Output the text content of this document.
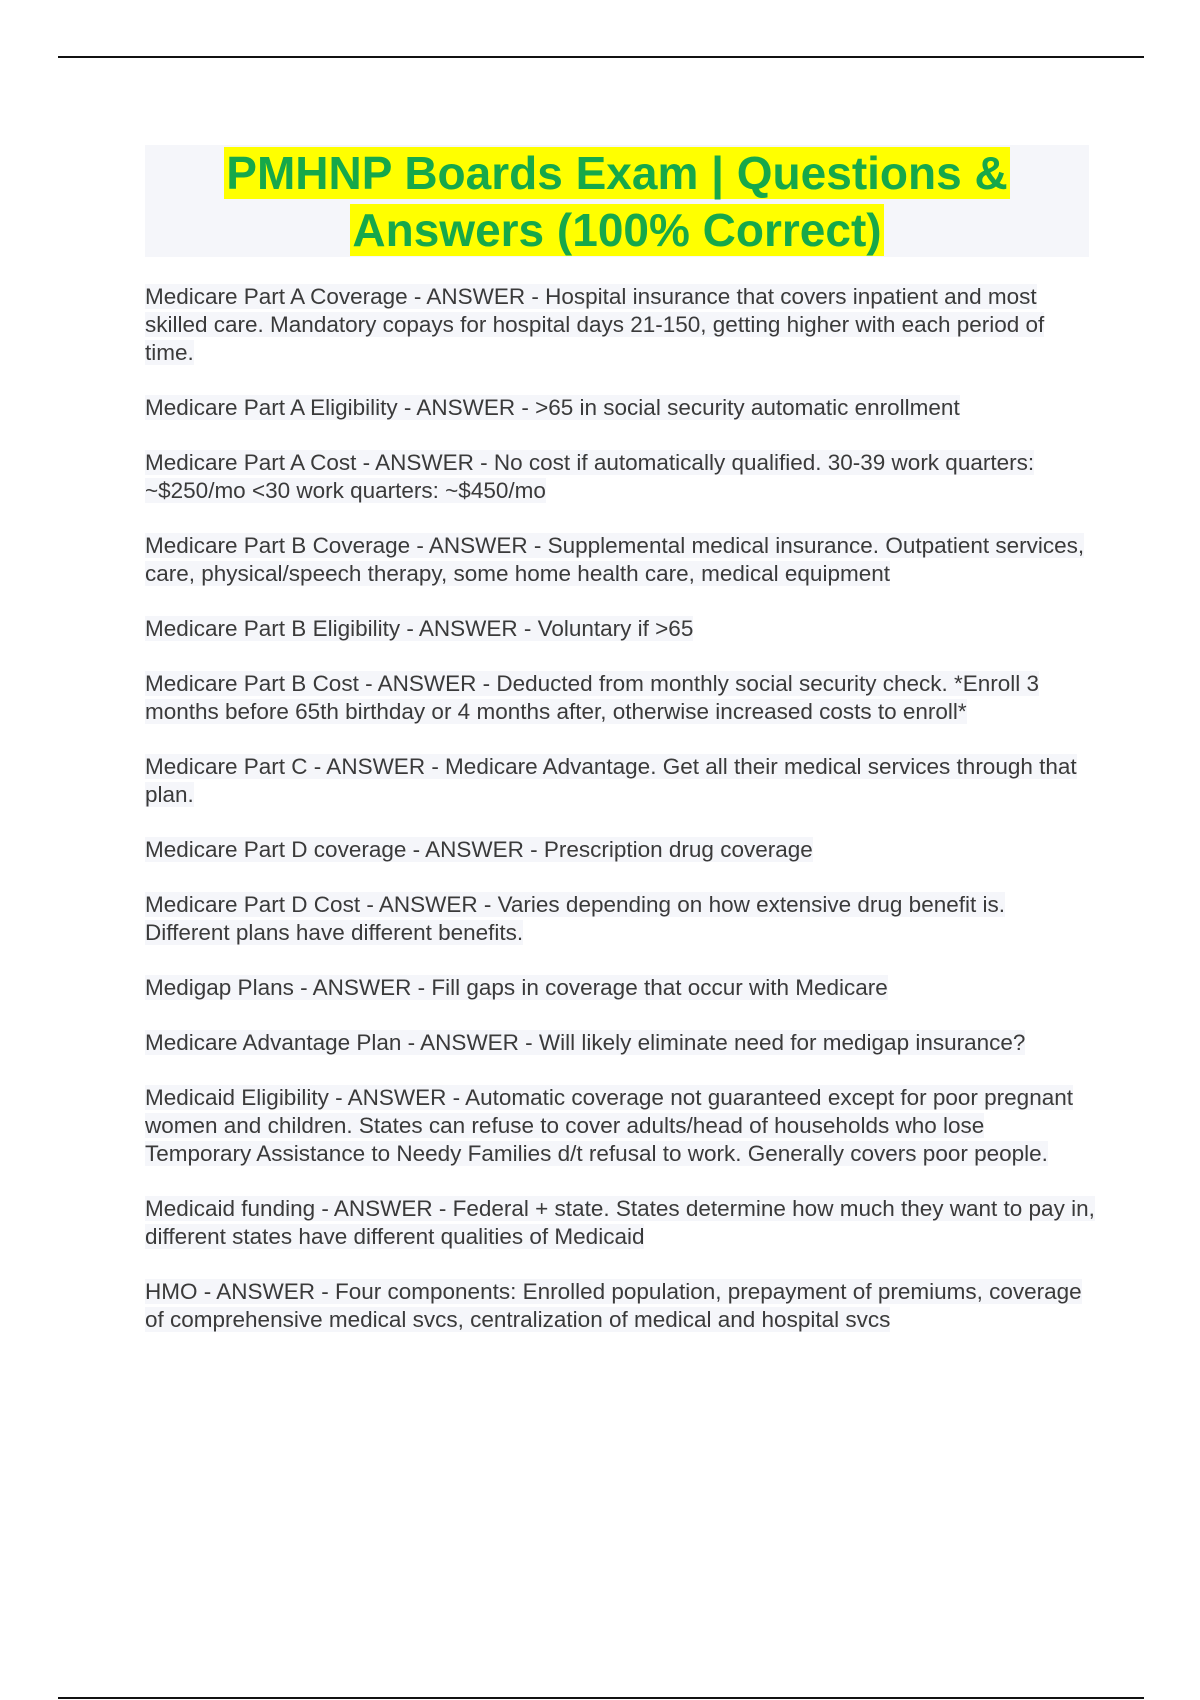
PMHNP Boards Exam | Questions &
Answers (100% Correct)

Medicare Part A Coverage - ANSWER - Hospital insurance that covers inpatient and most skilled care. Mandatory copays for hospital days 21-150, getting higher with each period of time.

Medicare Part A Eligibility - ANSWER - >65 in social security automatic enrollment

Medicare Part A Cost - ANSWER - No cost if automatically qualified. 30-39 work quarters: ~$250/mo <30 work quarters: ~$450/mo

Medicare Part B Coverage - ANSWER - Supplemental medical insurance. Outpatient services, care, physical/speech therapy, some home health care, medical equipment

Medicare Part B Eligibility - ANSWER - Voluntary if >65

Medicare Part B Cost - ANSWER - Deducted from monthly social security check. *Enroll 3 months before 65th birthday or 4 months after, otherwise increased costs to enroll*

Medicare Part C - ANSWER - Medicare Advantage. Get all their medical services through that plan.

Medicare Part D coverage - ANSWER - Prescription drug coverage

Medicare Part D Cost - ANSWER - Varies depending on how extensive drug benefit is. Different plans have different benefits.

Medigap Plans - ANSWER - Fill gaps in coverage that occur with Medicare

Medicare Advantage Plan - ANSWER - Will likely eliminate need for medigap insurance?

Medicaid Eligibility - ANSWER - Automatic coverage not guaranteed except for poor pregnant women and children. States can refuse to cover adults/head of households who lose Temporary Assistance to Needy Families d/t refusal to work. Generally covers poor people.

Medicaid funding - ANSWER - Federal + state. States determine how much they want to pay in, different states have different qualities of Medicaid

HMO - ANSWER - Four components: Enrolled population, prepayment of premiums, coverage of comprehensive medical svcs, centralization of medical and hospital svcs
